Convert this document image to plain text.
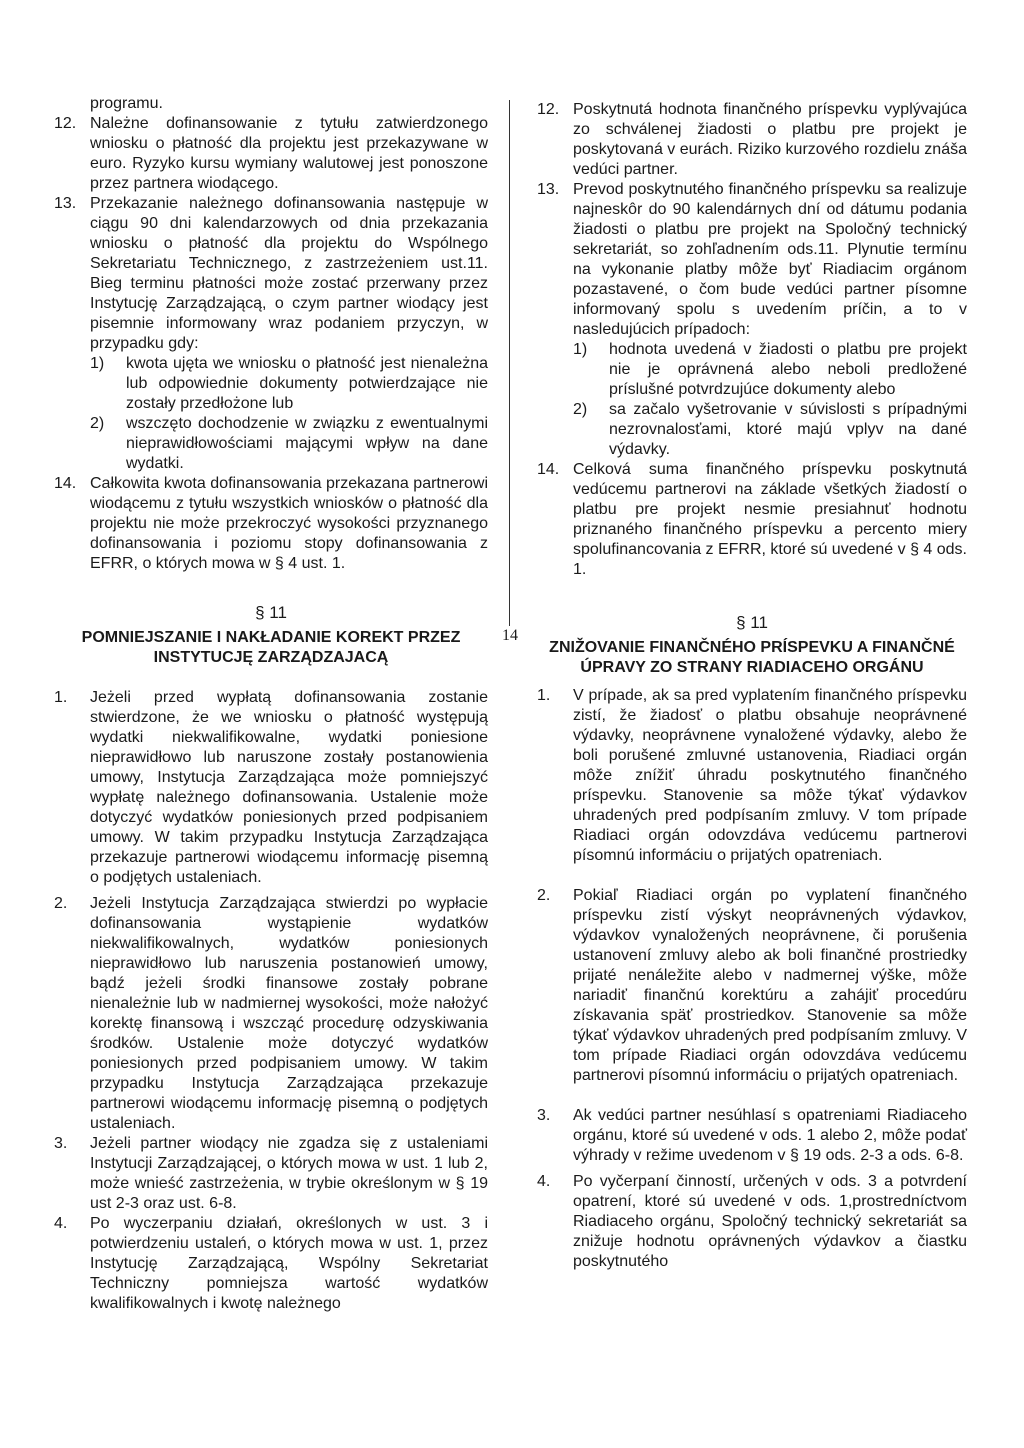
14
programu.
12. Należne dofinansowanie z tytułu zatwierdzonego wniosku o płatność dla projektu jest przekazywane w euro. Ryzyko kursu wymiany walutowej jest ponoszone przez partnera wiodącego.
13. Przekazanie należnego dofinansowania następuje w ciągu 90 dni kalendarzowych od dnia przekazania wniosku o płatność dla projektu do Wspólnego Sekretariatu Technicznego, z zastrzeżeniem ust.11. Bieg terminu płatności może zostać przerwany przez Instytucję Zarządzającą, o czym partner wiodący jest pisemnie informowany wraz podaniem przyczyn, w przypadku gdy:
1)	kwota ujęta we wniosku o płatność jest nienależna lub odpowiednie dokumenty potwierdzające nie zostały przedłożone lub
2)	wszczęto dochodzenie w związku z ewentualnymi nieprawidłowościami mającymi wpływ na dane wydatki.
14. Całkowita kwota dofinansowania przekazana partnerowi wiodącemu z tytułu wszystkich wniosków o płatność dla projektu nie może przekroczyć wysokości przyznanego dofinansowania i poziomu stopy dofinansowania z EFRR, o których mowa w § 4 ust. 1.
§ 11
POMNIEJSZANIE I NAKŁADANIE KOREKT PRZEZ INSTYTUCJĘ ZARZĄDZAJACĄ
1.	Jeżeli przed wypłatą dofinansowania zostanie stwierdzone, że we wniosku o płatność występują wydatki niekwalifikowalne, wydatki poniesione nieprawidłowo lub naruszone zostały postanowienia umowy, Instytucja Zarządzająca może pomniejszyć wypłatę należnego dofinansowania. Ustalenie może dotyczyć wydatków poniesionych przed podpisaniem umowy. W takim przypadku Instytucja Zarządzająca przekazuje partnerowi wiodącemu informację pisemną o podjętych ustaleniach.
2.	Jeżeli Instytucja Zarządzająca stwierdzi po wypłacie dofinansowania wystąpienie wydatków niekwalifikowalnych, wydatków poniesionych nieprawidłowo lub naruszenia postanowień umowy, bądź jeżeli środki finansowe zostały pobrane nienależnie lub w nadmiernej wysokości, może nałożyć korektę finansową i wszcząć procedurę odzyskiwania środków. Ustalenie może dotyczyć wydatków poniesionych przed podpisaniem umowy. W takim przypadku Instytucja Zarządzająca przekazuje partnerowi wiodącemu informację pisemną o podjętych ustaleniach.
3.	Jeżeli partner wiodący nie zgadza się z ustaleniami Instytucji Zarządzającej, o których mowa w ust. 1 lub 2, może wnieść zastrzeżenia, w trybie określonym w § 19 ust 2-3 oraz ust. 6-8.
4.	Po wyczerpaniu działań, określonych w ust. 3 i potwierdzeniu ustaleń, o których mowa w ust. 1, przez Instytucję Zarządzającą, Wspólny Sekretariat Techniczny pomniejsza wartość wydatków kwalifikowalnych i kwotę należnego
12. Poskytnutá hodnota finančného príspevku vyplývajúca zo schválenej žiadosti o platbu pre projekt je poskytovaná v eurách. Riziko kurzového rozdielu znáša vedúci partner.
13. Prevod poskytnutého finančného príspevku sa realizuje najneskôr do 90 kalendárnych dní od dátumu podania žiadosti o platbu pre projekt na Spoločný technický sekretariát, so zohľadnením ods.11. Plynutie termínu na vykonanie platby môže byť Riadiacim orgánom pozastavené, o čom bude vedúci partner písomne informovaný spolu s uvedením príčin, a to v nasledujúcich prípadoch:
1)	hodnota uvedená v žiadosti o platbu pre projekt nie je oprávnená alebo neboli predložené príslušné potvrdzujúce dokumenty alebo
2)	sa začalo vyšetrovanie v súvislosti s prípadnými nezrovnalosťami, ktoré majú vplyv na dané výdavky.
14. Celková suma finančného príspevku poskytnutá vedúcemu partnerovi na základe všetkých žiadostí o platbu pre projekt nesmie presiahnuť hodnotu priznaného finančného príspevku a percento miery spolufinancovania z EFRR, ktoré sú uvedené v § 4 ods. 1.
§ 11
ZNIŽOVANIE FINANČNÉHO PRÍSPEVKU A FINANČNÉ ÚPRAVY ZO STRANY RIADIACEHO ORGÁNU
1.	V prípade, ak sa pred vyplatením finančného príspevku zistí, že žiadosť o platbu obsahuje neoprávnené výdavky, neoprávnene vynaložené výdavky, alebo že boli porušené zmluvné ustanovenia, Riadiaci orgán môže znížiť úhradu poskytnutého finančného príspevku. Stanovenie sa môže týkať výdavkov uhradených pred podpísaním zmluvy. V tom prípade Riadiaci orgán odovzdáva vedúcemu partnerovi písomnú informáciu o prijatých opatreniach.
2.	Pokiaľ Riadiaci orgán po vyplatení finančného príspevku zistí výskyt neoprávnených výdavkov, výdavkov vynaložených neoprávnene, či porušenia ustanovení zmluvy alebo ak boli finančné prostriedky prijaté nenáležite alebo v nadmernej výške, môže nariadiť finančnú korektúru a zahájiť procedúru získavania späť prostriedkov. Stanovenie sa môže týkať výdavkov uhradených pred podpísaním zmluvy. V tom prípade Riadiaci orgán odovzdáva vedúcemu partnerovi písomnú informáciu o prijatých opatreniach.
3.	Ak vedúci partner nesúhlasí s opatreniami Riadiaceho orgánu, ktoré sú uvedené v ods. 1 alebo 2, môže podať výhrady v režime uvedenom v § 19 ods. 2-3 a ods. 6-8.
4.	Po vyčerpaní činností, určených v ods. 3 a potvrdení opatrení, ktoré sú uvedené v ods. 1,prostredníctvom Riadiaceho orgánu, Spoločný technický sekretariát sa znižuje hodnotu oprávnených výdavkov a čiastku poskytnutého
